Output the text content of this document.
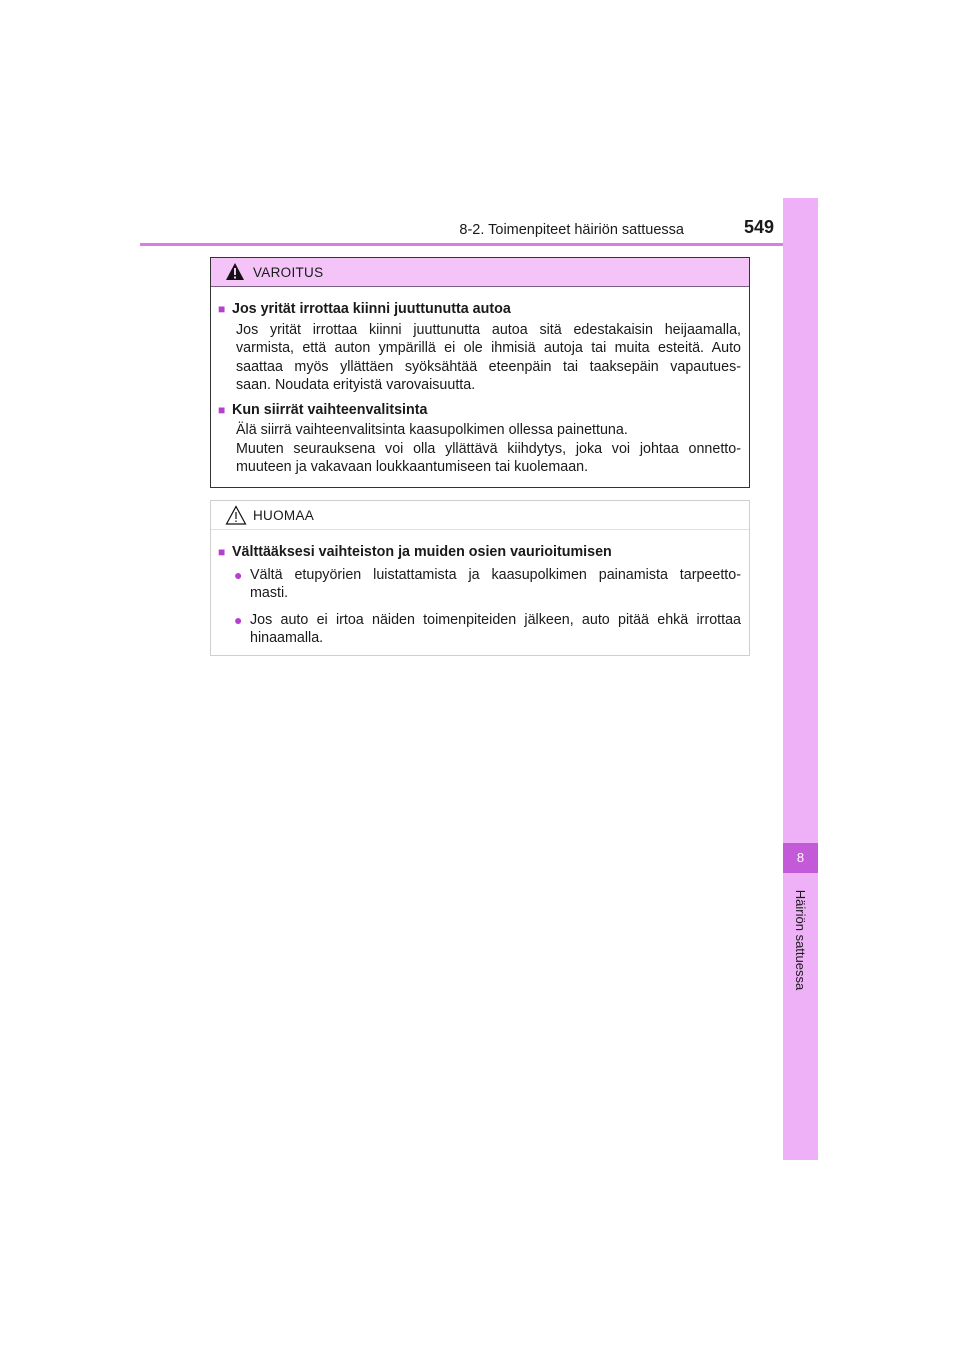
8-2. Toimenpiteet häiriön sattuessa	549
8
Häiriön sattuessa
VAROITUS
■ Jos yrität irrottaa kiinni juuttunutta autoa
Jos yrität irrottaa kiinni juuttunutta autoa sitä edestakaisin heijaamalla,
varmista, että auton ympärillä ei ole ihmisiä autoja tai muita esteitä. Auto
saattaa myös yllättäen syöksähtää eteenpäin tai taaksepäin vapautues-
saan. Noudata erityistä varovaisuutta.
■ Kun siirrät vaihteenvalitsinta
Älä siirrä vaihteenvalitsinta kaasupolkimen ollessa painettuna.
Muuten seurauksena voi olla yllättävä kiihdytys, joka voi johtaa onnetto-
muuteen ja vakavaan loukkaantumiseen tai kuolemaan.
HUOMAA
■ Välttääksesi vaihteiston ja muiden osien vaurioitumisen
● Vältä etupyörien luistattamista ja kaasupolkimen painamista tarpeetto-
masti.
● Jos auto ei irtoa näiden toimenpiteiden jälkeen, auto pitää ehkä irrottaa
hinaamalla.
